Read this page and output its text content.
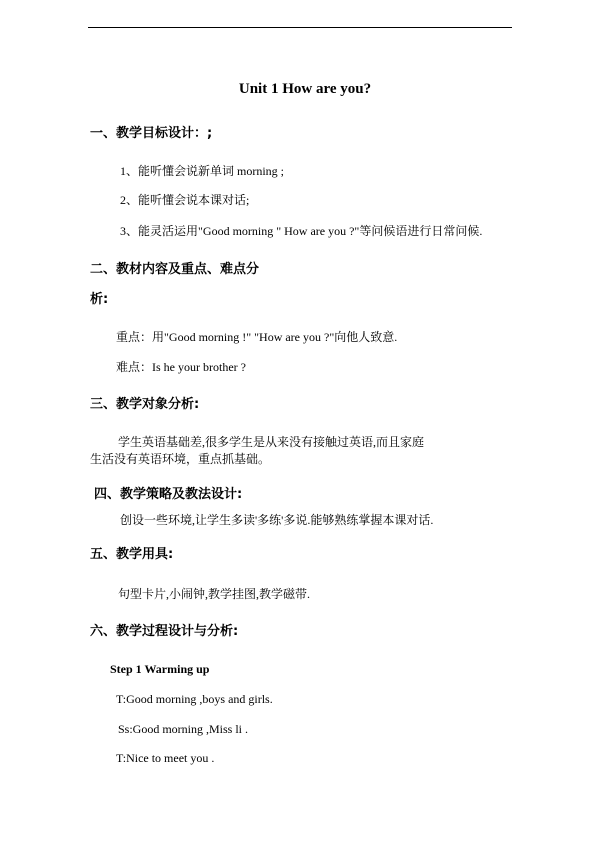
Unit 1 How are you?
一、教学目标设计：;
1、能听懂会说新单词 morning ;
2、能听懂会说本课对话;
3、能灵活运用"Good morning " How are you ?"等问候语进行日常问候.
二、教材内容及重点、难点分
析:
重点：用"Good morning !" "How are you ?"向他人致意.
难点：Is he your brother ?
三、教学对象分析:
学生英语基础差,很多学生是从来没有接触过英语,而且家庭生活没有英语环境，重点抓基础。
四、教学策略及教法设计:
创设一些环境,让学生多读'多练'多说.能够熟练掌握本课对话.
五、教学用具:
句型卡片,小闹钟,教学挂图,教学磁带.
六、教学过程设计与分析:
Step 1 Warming up
T:Good morning ,boys and girls.
Ss:Good morning ,Miss li .
T:Nice to meet you .
